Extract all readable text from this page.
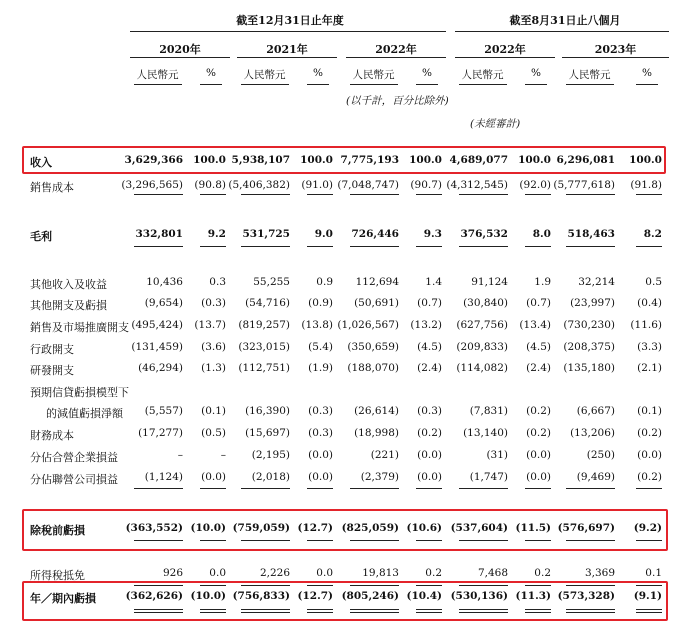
截至12月31日止年度	截至8月31日止八個月
2020年	2021年	2022年	2022年	2023年
人民幣元	%	人民幣元	%	人民幣元	%	人民幣元	%	人民幣元	%
(以千計，百分比除外)
(未經審計)
收入	3,629,366 100.0 5,938,107 100.0 7,775,193 100.0 4,689,077 100.0 6,296,081	100.0
銷售成本	(3,296,565)	(90.8) (5,406,382)	(91.0) (7,048,747)	(90.7) (4,312,545)	(92.0) (5,777,618)	(91.8)
毛利	332,801	9.2	531,725	9.0	726,446	9.3	376,532	8.0	518,463	8.2
其他收入及收益	10,436	0.3	55,255	0.9	112,694	1.4	91,124	1.9	32,214	0.5
其他開支及虧損	(9,654)	(0.3)	(54,716)	(0.9)	(50,691)	(0.7)	(30,840)	(0.7)	(23,997)	(0.4)
銷售及市場推廣開支 (495,424)	(13.7)	(819,257)	(13.8) (1,026,567)	(13.2)	(627,756)	(13.4)	(730,230)	(11.6)
行政開支	(131,459)	(3.6)	(323,015)	(5.4)	(350,659)	(4.5)	(209,833)	(4.5)	(208,375)	(3.3)
研發開支	(46,294)	(1.3)	(112,751)	(1.9)	(188,070)	(2.4)	(114,082)	(2.4)	(135,180)	(2.1)
預期信貸虧損模型下
的減值虧損淨額	(5,557)	(0.1)	(16,390)	(0.3)	(26,614)	(0.3)	(7,831)	(0.2)	(6,667)	(0.1)
財務成本	(17,277)	(0.5)	(15,697)	(0.3)	(18,998)	(0.2)	(13,140)	(0.2)	(13,206)	(0.2)
分佔合營企業損益	–	–	(2,195)	(0.0)	(221)	(0.0)	(31)	(0.0)	(250)	(0.0)
分佔聯營公司損益	(1,124)	(0.0)	(2,018)	(0.0)	(2,379)	(0.0)	(1,747)	(0.0)	(9,469)	(0.2)
除稅前虧損	(363,552) (10.0) (759,059) (12.7) (825,059) (10.6) (537,604) (11.5) (576,697)	(9.2)
所得稅抵免	926	0.0	2,226	0.0	19,813	0.2	7,468	0.2	3,369	0.1
年／期內虧損	(362,626) (10.0) (756,833) (12.7) (805,246) (10.4) (530,136) (11.3) (573,328)	(9.1)
